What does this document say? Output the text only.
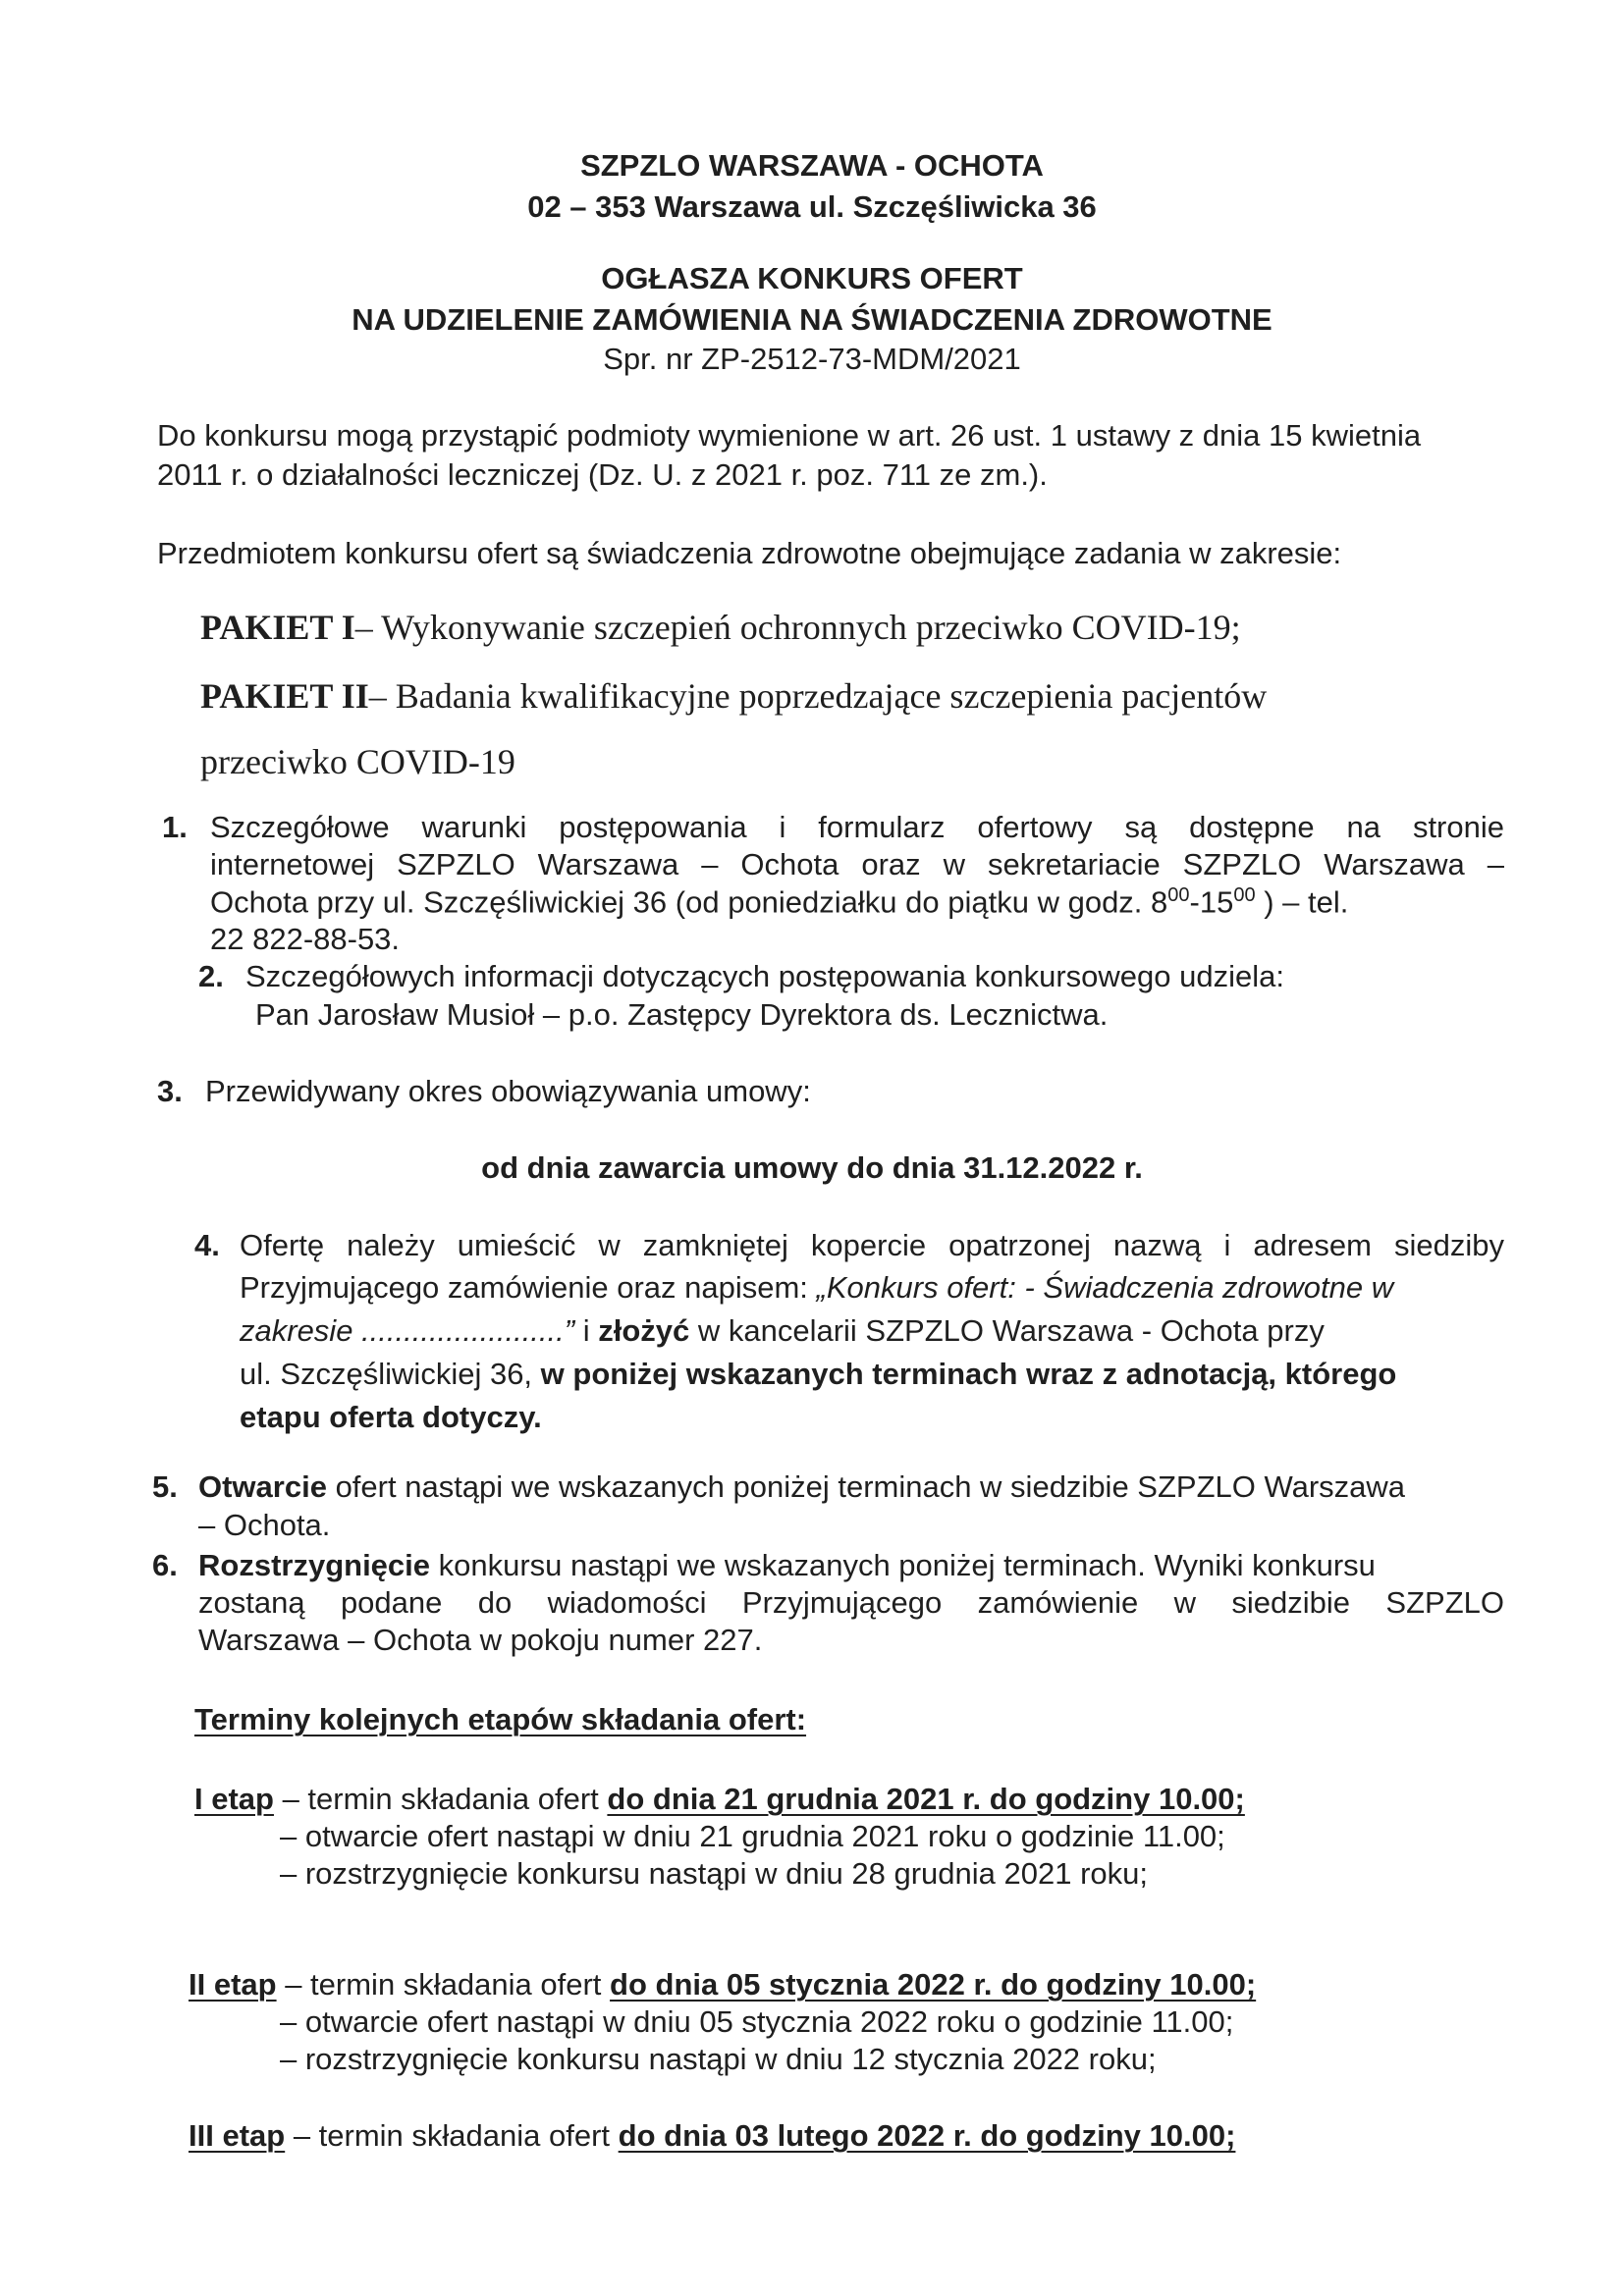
SZPZLO WARSZAWA - OCHOTA
02 – 353 Warszawa ul. Szczęśliwicka 36
OGŁASZA KONKURS OFERT
NA UDZIELENIE ZAMÓWIENIA NA ŚWIADCZENIA ZDROWOTNE
Spr. nr ZP-2512-73-MDM/2021
Do konkursu mogą przystąpić podmioty wymienione w art. 26 ust. 1 ustawy z dnia 15 kwietnia
2011 r. o działalności leczniczej (Dz. U. z 2021 r. poz. 711 ze zm.).
Przedmiotem konkursu ofert są świadczenia zdrowotne obejmujące zadania w zakresie:
PAKIET I– Wykonywanie szczepień ochronnych przeciwko COVID-19;
PAKIET II– Badania kwalifikacyjne poprzedzające szczepienia pacjentów
przeciwko COVID-19
1. Szczegółowe warunki postępowania i formularz ofertowy są dostępne na stronie
internetowej SZPZLO Warszawa – Ochota oraz w sekretariacie SZPZLO Warszawa –
Ochota przy ul. Szczęśliwickiej 36 (od poniedziałku do piątku w godz. $8^{00}-15^{00}$ ) – tel.
22 822-88-53.
2. Szczegółowych informacji dotyczących postępowania konkursowego udziela:
Pan Jarosław Musioł – p.o. Zastępcy Dyrektora ds. Lecznictwa.
3. Przewidywany okres obowiązywania umowy:
od dnia zawarcia umowy do dnia 31.12.2022 r.
4. Ofertę należy umieścić w zamkniętej kopercie opatrzonej nazwą i adresem siedziby
Przyjmującego zamówienie oraz napisem: „Konkurs ofert: - Świadczenia zdrowotne w
zakresie ........................” i złożyć w kancelarii SZPZLO Warszawa - Ochota przy
ul. Szczęśliwickiej 36, w poniżej wskazanych terminach wraz z adnotacją, którego
etapu oferta dotyczy.
5. Otwarcie ofert nastąpi we wskazanych poniżej terminach w siedzibie SZPZLO Warszawa
– Ochota.
6. Rozstrzygnięcie konkursu nastąpi we wskazanych poniżej terminach. Wyniki konkursu
zostaną podane do wiadomości Przyjmującego zamówienie w siedzibie SZPZLO
Warszawa – Ochota w pokoju numer 227.
Terminy kolejnych etapów składania ofert:
I etap – termin składania ofert do dnia 21 grudnia 2021 r. do godziny 10.00;
– otwarcie ofert nastąpi w dniu 21 grudnia 2021 roku o godzinie 11.00;
– rozstrzygnięcie konkursu nastąpi w dniu 28 grudnia 2021 roku;
II etap – termin składania ofert do dnia 05 stycznia 2022 r. do godziny 10.00;
– otwarcie ofert nastąpi w dniu 05 stycznia 2022 roku o godzinie 11.00;
– rozstrzygnięcie konkursu nastąpi w dniu 12 stycznia 2022 roku;
III etap – termin składania ofert do dnia 03 lutego 2022 r. do godziny 10.00;
